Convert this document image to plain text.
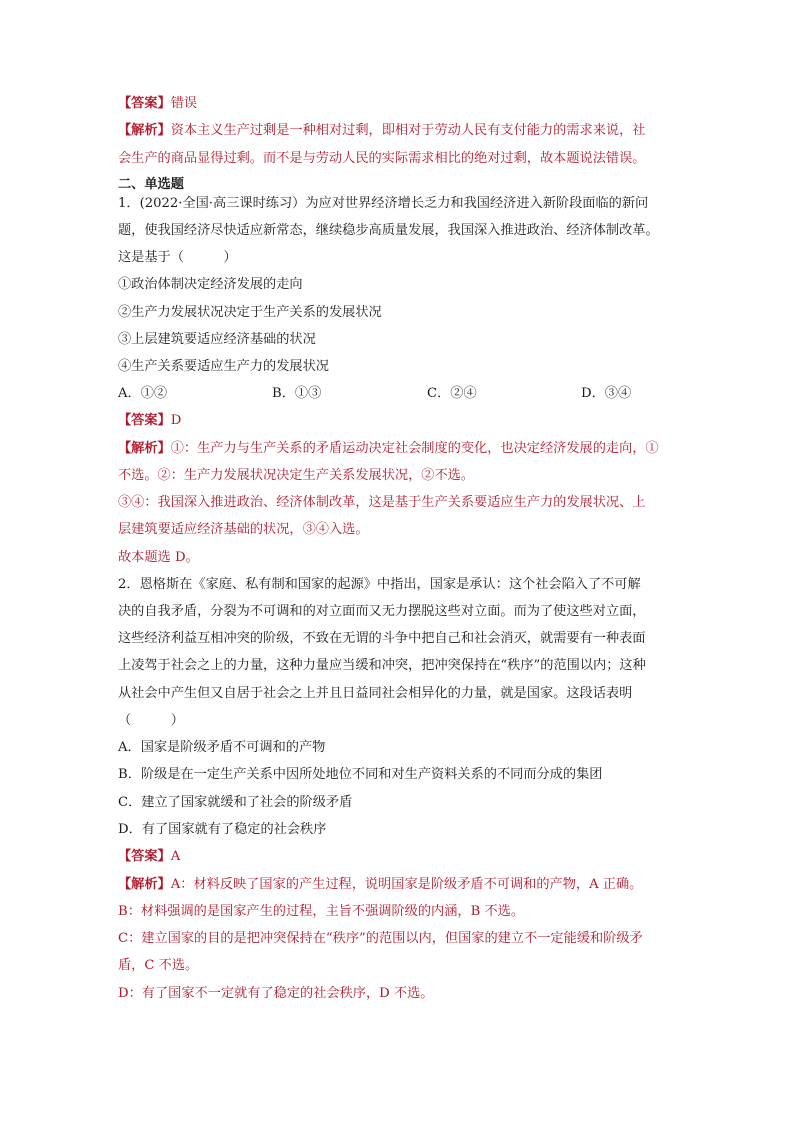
【答案】错误
【解析】资本主义生产过剩是一种相对过剩，即相对于劳动人民有支付能力的需求来说，社
会生产的商品显得过剩。而不是与劳动人民的实际需求相比的绝对过剩，故本题说法错误。
二、单选题
1．(2022·全国·高三课时练习）为应对世界经济增长乏力和我国经济进入新阶段面临的新问
题，使我国经济尽快适应新常态，继续稳步高质量发展，我国深入推进政治、经济体制改革。
这是基于（　　　）
①政治体制决定经济发展的走向
②生产力发展状况决定于生产关系的发展状况
③上层建筑要适应经济基础的状况
④生产关系要适应生产力的发展状况
A．①②	B．①③	C．②④	D．③④
【答案】D
【解析】①：生产力与生产关系的矛盾运动决定社会制度的变化，也决定经济发展的走向，①
不选。②：生产力发展状况决定生产关系发展状况，②不选。
③④：我国深入推进政治、经济体制改革，这是基于生产关系要适应生产力的发展状况、上
层建筑要适应经济基础的状况，③④入选。
故本题选 D。
2．恩格斯在《家庭、私有制和国家的起源》中指出，国家是承认：这个社会陷入了不可解
决的自我矛盾，分裂为不可调和的对立面而又无力摆脱这些对立面。而为了使这些对立面，
这些经济利益互相冲突的阶级，不致在无谓的斗争中把自己和社会消灭，就需要有一种表面
上凌驾于社会之上的力量，这种力量应当缓和冲突，把冲突保持在“秩序”的范围以内；这种
从社会中产生但又自居于社会之上并且日益同社会相异化的力量，就是国家。这段话表明
（　　　）
A．国家是阶级矛盾不可调和的产物
B．阶级是在一定生产关系中因所处地位不同和对生产资料关系的不同而分成的集团
C．建立了国家就缓和了社会的阶级矛盾
D．有了国家就有了稳定的社会秩序
【答案】A
【解析】A：材料反映了国家的产生过程，说明国家是阶级矛盾不可调和的产物，A 正确。
B：材料强调的是国家产生的过程，主旨不强调阶级的内涵，B 不选。
C：建立国家的目的是把冲突保持在“秩序”的范围以内，但国家的建立不一定能缓和阶级矛
盾，C 不选。
D：有了国家不一定就有了稳定的社会秩序，D 不选。
